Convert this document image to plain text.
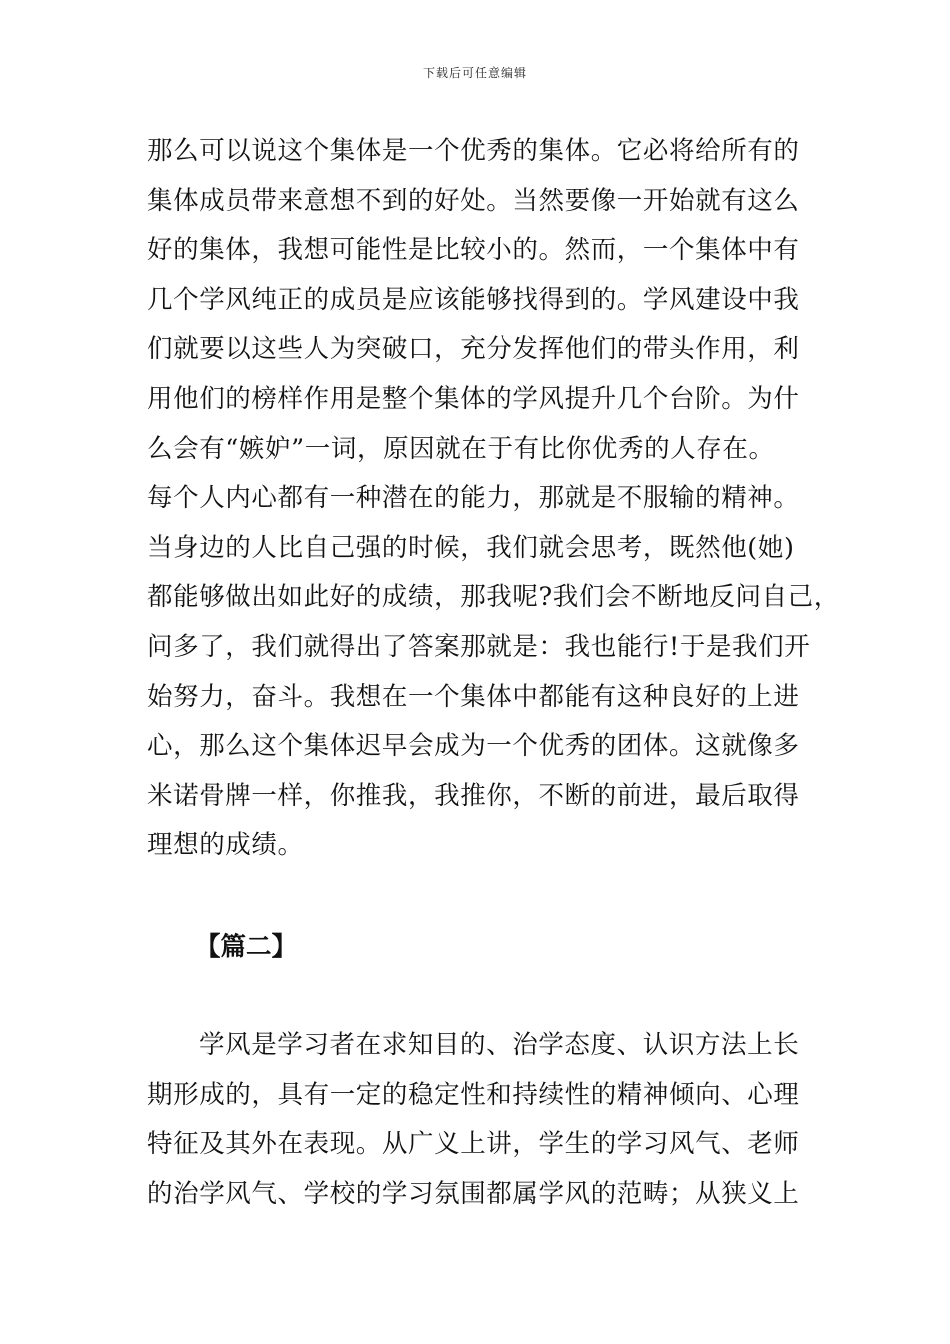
下载后可任意编辑
那么可以说这个集体是一个优秀的集体。它必将给所有的
集体成员带来意想不到的好处。当然要像一开始就有这么
好的集体，我想可能性是比较小的。然而，一个集体中有
几个学风纯正的成员是应该能够找得到的。学风建设中我
们就要以这些人为突破口，充分发挥他们的带头作用，利
用他们的榜样作用是整个集体的学风提升几个台阶。为什
么会有“嫉妒”一词，原因就在于有比你优秀的人存在。
每个人内心都有一种潜在的能力，那就是不服输的精神。
当身边的人比自己强的时候，我们就会思考，既然他(她)
都能够做出如此好的成绩，那我呢?我们会不断地反问自己，
问多了，我们就得出了答案那就是：我也能行!于是我们开
始努力，奋斗。我想在一个集体中都能有这种良好的上进
心，那么这个集体迟早会成为一个优秀的团体。这就像多
米诺骨牌一样，你推我，我推你，不断的前进，最后取得
理想的成绩。
【篇二】
学风是学习者在求知目的、治学态度、认识方法上长
期形成的，具有一定的稳定性和持续性的精神倾向、心理
特征及其外在表现。从广义上讲，学生的学习风气、老师
的治学风气、学校的学习氛围都属学风的范畴；从狭义上
